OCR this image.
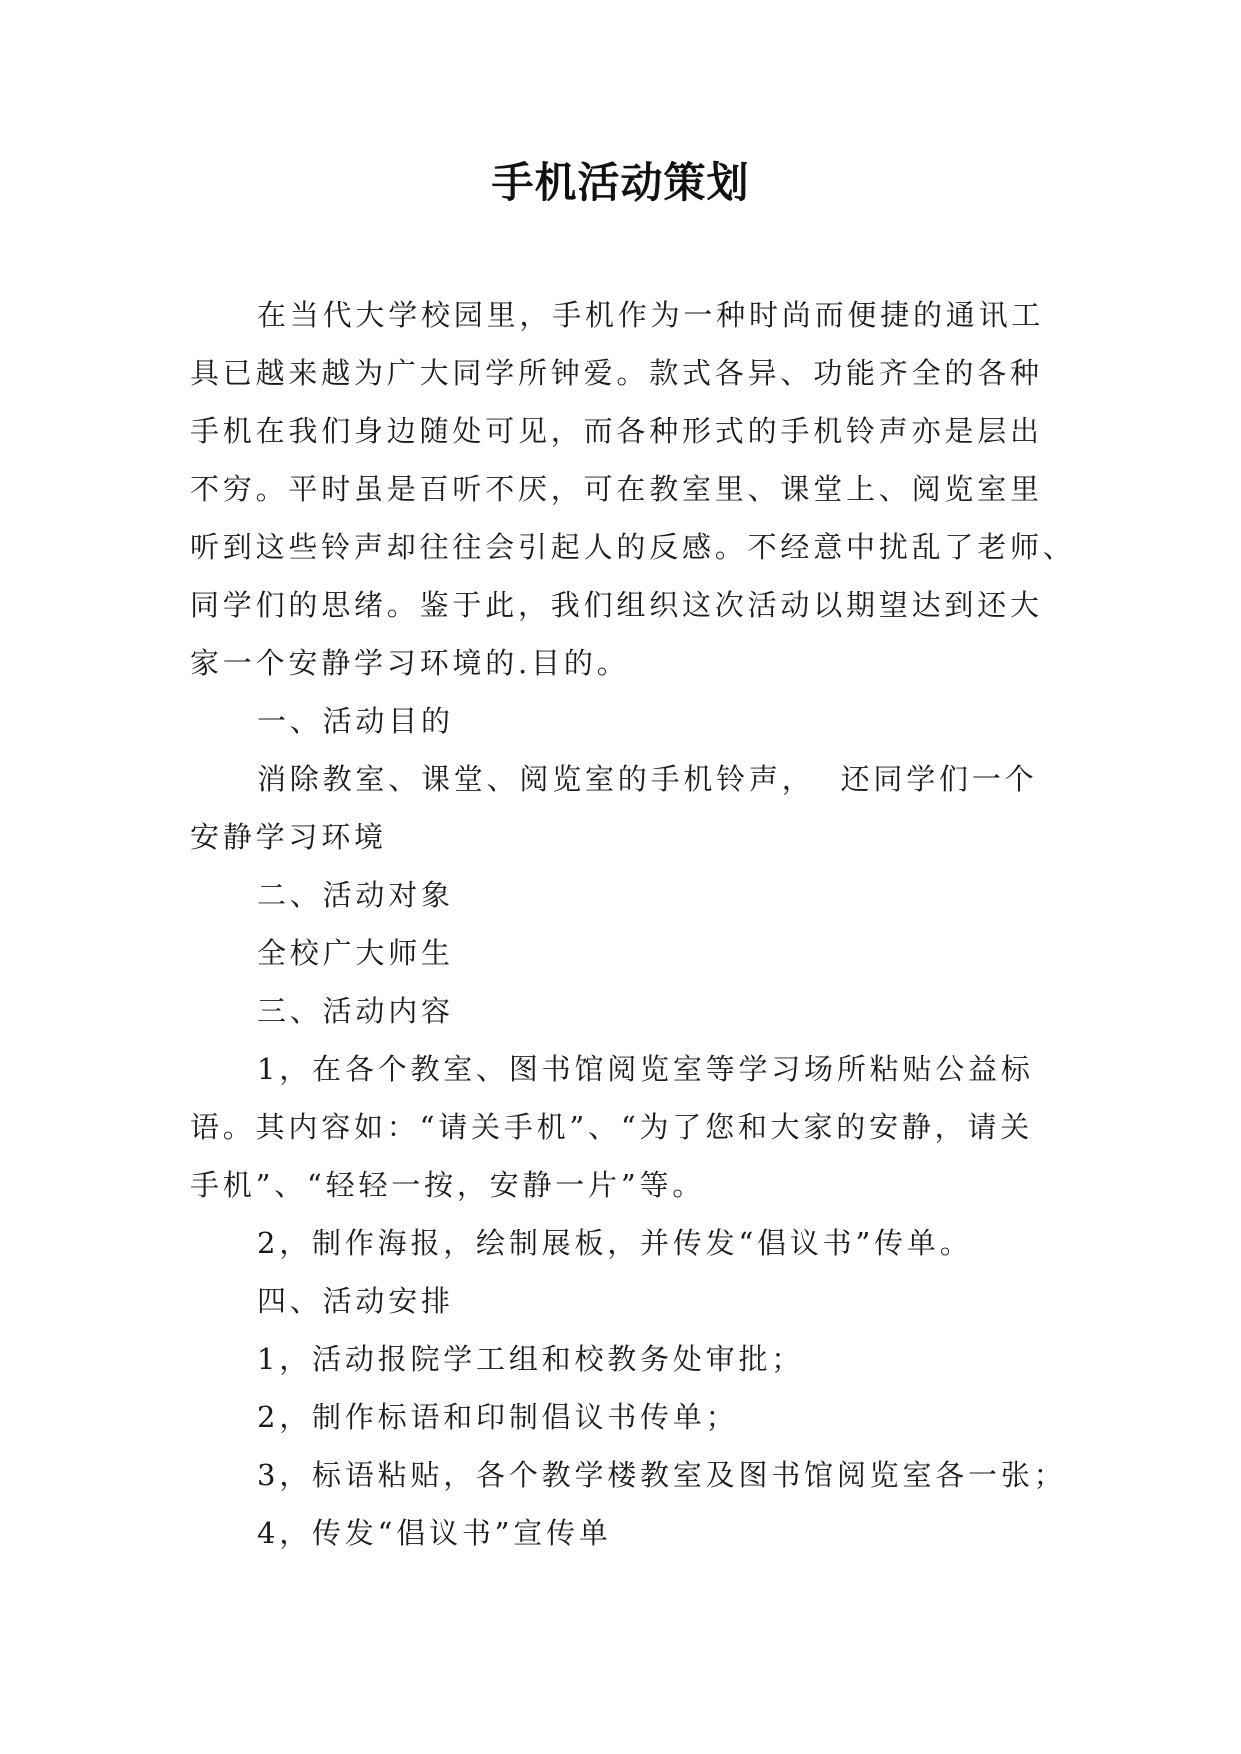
手机活动策划
在当代大学校园里，手机作为一种时尚而便捷的通讯工
具已越来越为广大同学所钟爱。款式各异、功能齐全的各种
手机在我们身边随处可见，而各种形式的手机铃声亦是层出
不穷。平时虽是百听不厌，可在教室里、课堂上、阅览室里
听到这些铃声却往往会引起人的反感。不经意中扰乱了老师、
同学们的思绪。鉴于此，我们组织这次活动以期望达到还大
家一个安静学习环境的.目的。
一、活动目的
消除教室、课堂、阅览室的手机铃声，  还同学们一个
安静学习环境
二、活动对象
全校广大师生
三、活动内容
1，在各个教室、图书馆阅览室等学习场所粘贴公益标
语。其内容如：“请关手机”、“为了您和大家的安静，请关
手机”、“轻轻一按，安静一片”等。
2，制作海报，绘制展板，并传发“倡议书”传单。
四、活动安排
1，活动报院学工组和校教务处审批；
2，制作标语和印制倡议书传单；
3，标语粘贴，各个教学楼教室及图书馆阅览室各一张；
4，传发“倡议书”宣传单
